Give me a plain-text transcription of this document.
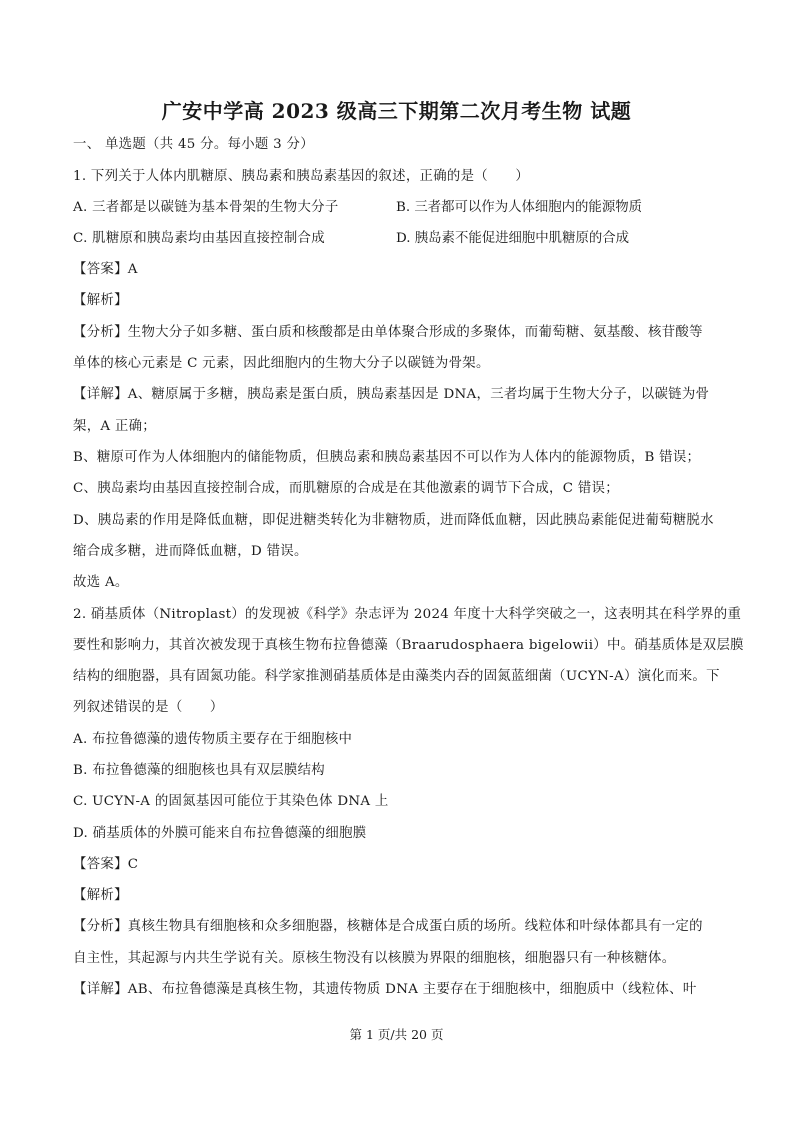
广安中学高 2023 级高三下期第二次月考生物 试题
一、 单选题（共 45 分。每小题 3 分）
1. 下列关于人体内肌糖原、胰岛素和胰岛素基因的叙述，正确的是（　　）
A. 三者都是以碳链为基本骨架的生物大分子	B. 三者都可以作为人体细胞内的能源物质
C. 肌糖原和胰岛素均由基因直接控制合成	D. 胰岛素不能促进细胞中肌糖原的合成
【答案】A
【解析】
【分析】生物大分子如多糖、蛋白质和核酸都是由单体聚合形成的多聚体，而葡萄糖、氨基酸、核苷酸等
单体的核心元素是 C 元素，因此细胞内的生物大分子以碳链为骨架。
【详解】A、糖原属于多糖，胰岛素是蛋白质，胰岛素基因是 DNA，三者均属于生物大分子，以碳链为骨
架，A 正确；
B、糖原可作为人体细胞内的储能物质，但胰岛素和胰岛素基因不可以作为人体内的能源物质，B 错误；
C、胰岛素均由基因直接控制合成，而肌糖原的合成是在其他激素的调节下合成，C 错误；
D、胰岛素的作用是降低血糖，即促进糖类转化为非糖物质，进而降低血糖，因此胰岛素能促进葡萄糖脱水
缩合成多糖，进而降低血糖，D 错误。
故选 A。
2. 硝基质体（Nitroplast）的发现被《科学》杂志评为 2024 年度十大科学突破之一，这表明其在科学界的重
要性和影响力，其首次被发现于真核生物布拉鲁德藻（Braarudosphaera bigelowii）中。硝基质体是双层膜
结构的细胞器，具有固氮功能。科学家推测硝基质体是由藻类内吞的固氮蓝细菌（UCYN-A）演化而来。下
列叙述错误的是（　　）
A. 布拉鲁德藻的遗传物质主要存在于细胞核中
B. 布拉鲁德藻的细胞核也具有双层膜结构
C. UCYN-A 的固氮基因可能位于其染色体 DNA 上
D. 硝基质体的外膜可能来自布拉鲁德藻的细胞膜
【答案】C
【解析】
【分析】真核生物具有细胞核和众多细胞器，核糖体是合成蛋白质的场所。线粒体和叶绿体都具有一定的
自主性，其起源与内共生学说有关。原核生物没有以核膜为界限的细胞核，细胞器只有一种核糖体。
【详解】AB、布拉鲁德藻是真核生物，其遗传物质 DNA 主要存在于细胞核中，细胞质中（线粒体、叶
第 1 页/共 20 页
